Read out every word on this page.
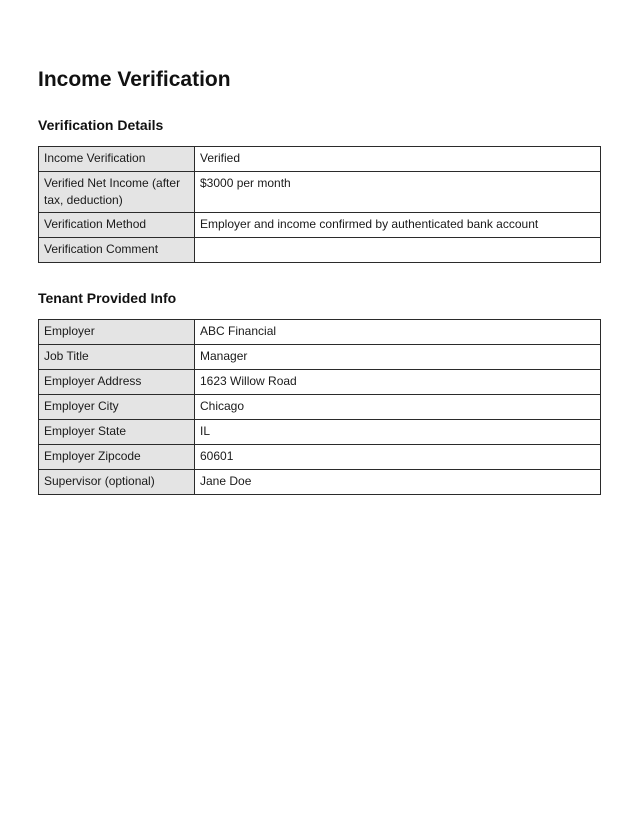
Income Verification
Verification Details
Income Verification	Verified
Verified Net Income (after tax, deduction)	$3000 per month
Verification Method	Employer and income confirmed by authenticated bank account
Verification Comment	
Tenant Provided Info
Employer	ABC Financial
Job Title	Manager
Employer Address	1623 Willow Road
Employer City	Chicago
Employer State	IL
Employer Zipcode	60601
Supervisor (optional)	Jane Doe
